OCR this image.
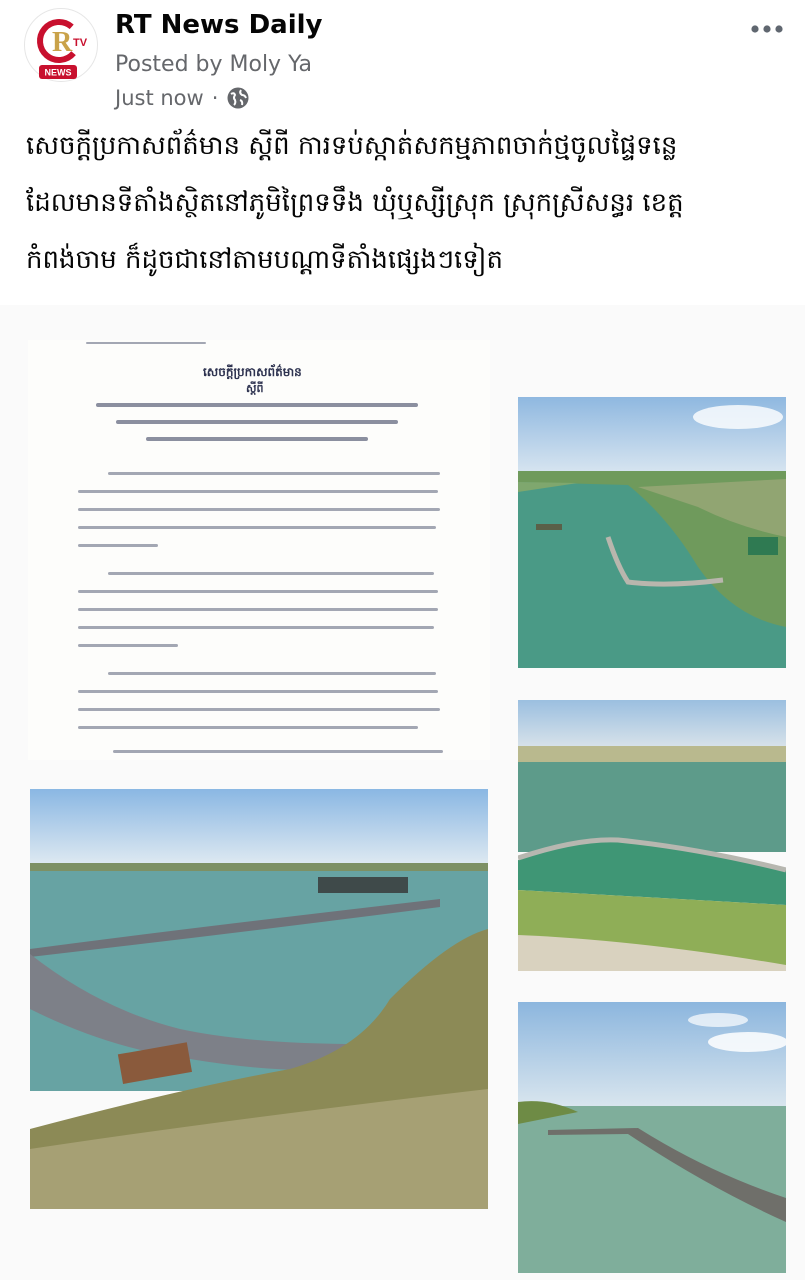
R TV
NEWS
RT News Daily
Posted by Moly Ya
Just now ·
សេចក្តីប្រកាសព័ត៌មាន ស្តីពី ការទប់ស្កាត់សកម្មភាពចាក់ថ្មចូលផ្ទៃទន្លេ
ដែលមានទីតាំងស្ថិតនៅភូមិព្រៃទទឹង ឃុំឬស្សីស្រុក ស្រុកស្រីសន្ធរ ខេត្ត
កំពង់ចាម ក៏ដូចជានៅតាមបណ្តាទីតាំងផ្សេងៗទៀត
សេចក្តីប្រកាសព័ត៌មាន
ស្តីពី
